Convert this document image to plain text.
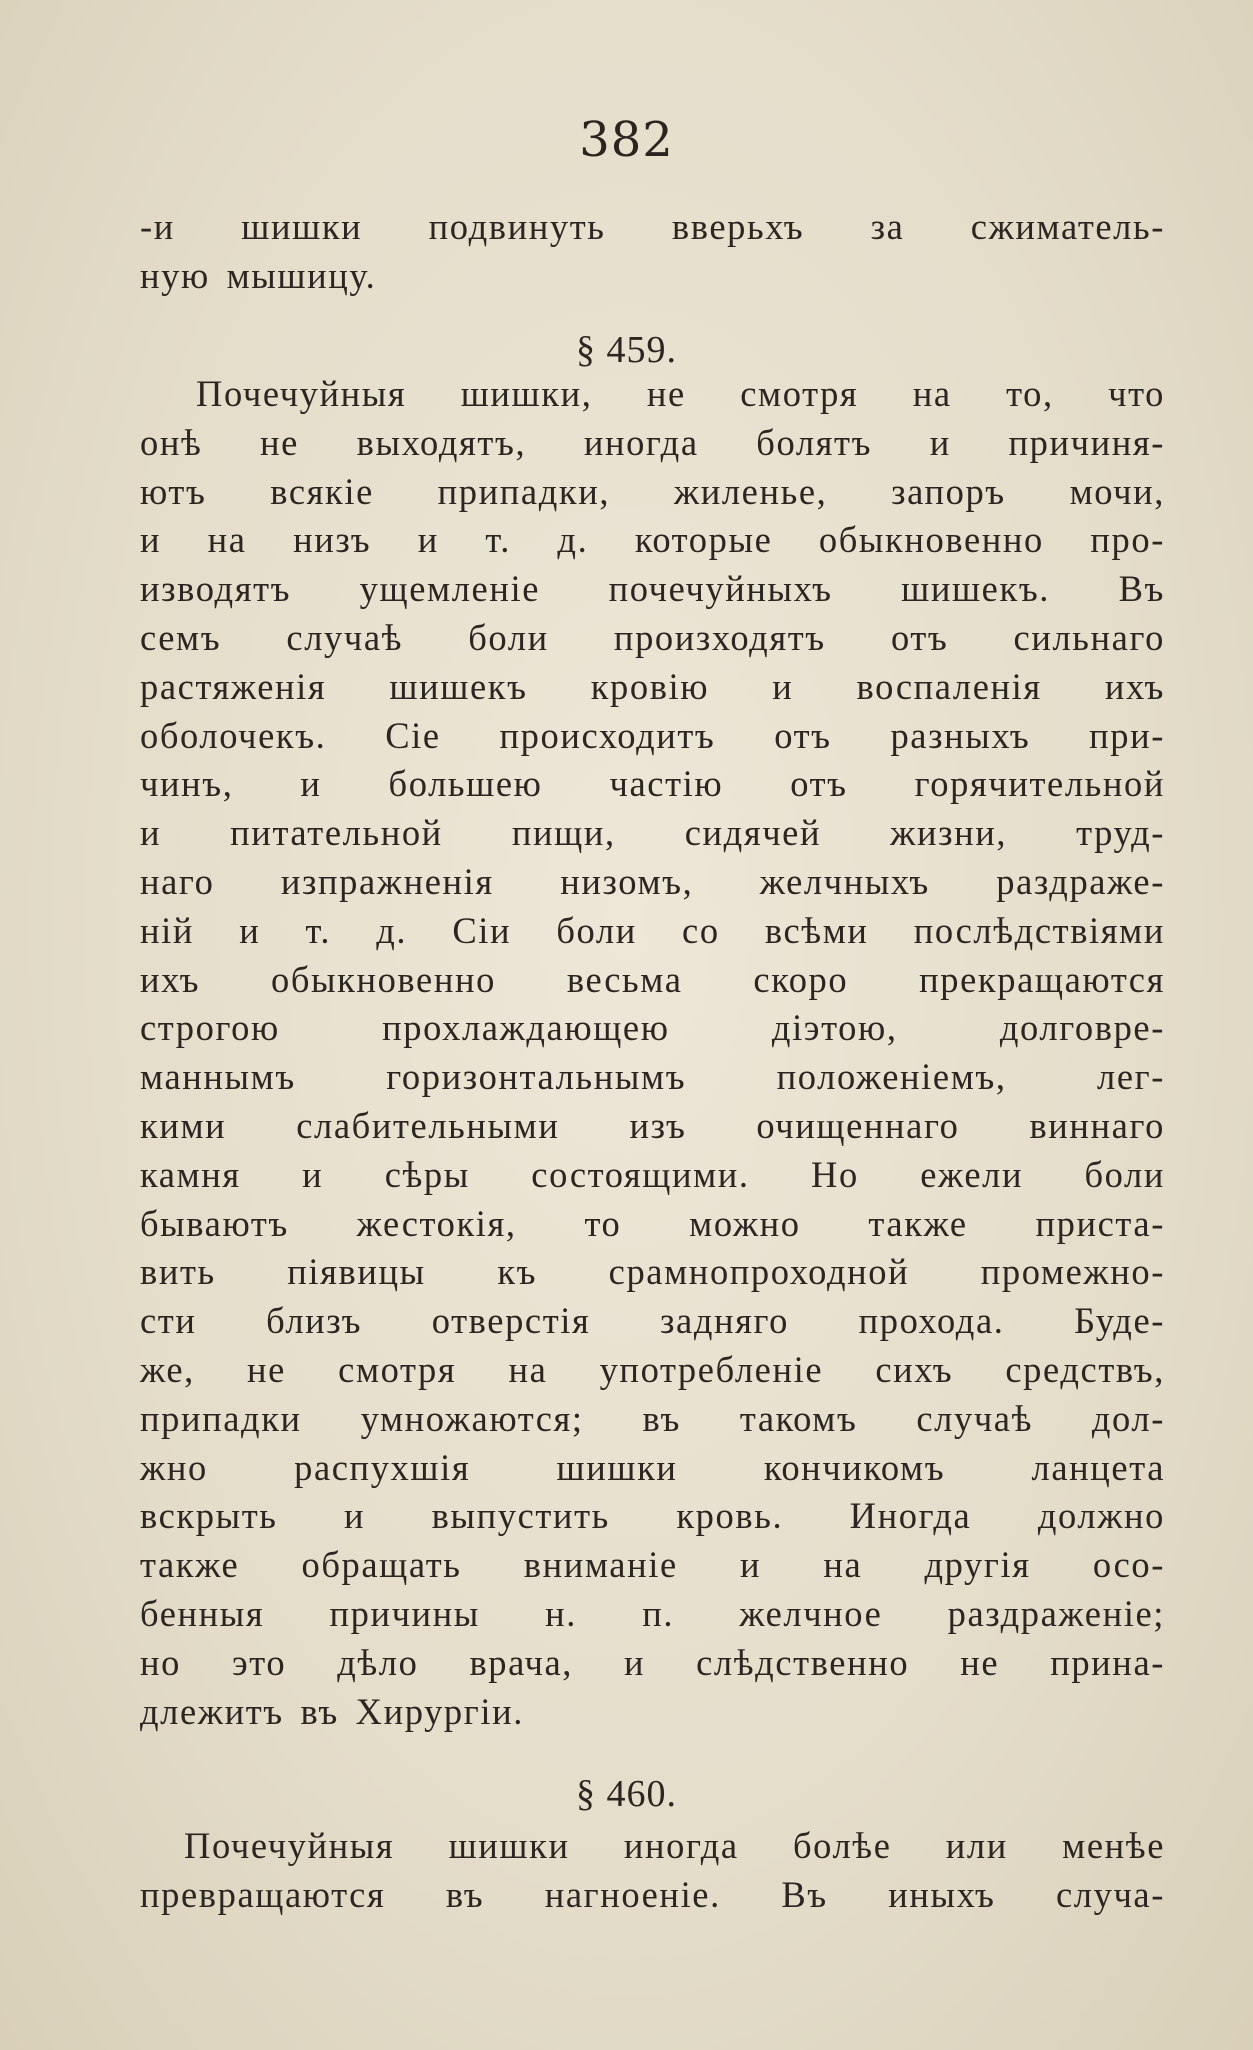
382
-и шишки подвинуть вверьхъ за сжиматель-
ную мышицу.
§ 459.
Почечуйныя шишки, не смотря на то, что
онѣ не выходятъ, иногда болятъ и причиня-
ютъ всякіе припадки, жиленье, запоръ мочи,
и на низъ и т. д. которые обыкновенно про-
изводятъ ущемленіе почечуйныхъ шишекъ. Въ
семъ случаѣ боли произходятъ отъ сильнаго
растяженія шишекъ кровію и воспаленія ихъ
оболочекъ. Сіе происходитъ отъ разныхъ при-
чинъ, и большею частію отъ горячительной
и питательной пищи, сидячей жизни, труд-
наго изпражненія низомъ, желчныхъ раздраже-
ній и т. д. Сіи боли со всѣми послѣдствіями
ихъ обыкновенно весьма скоро прекращаются
строгою прохлаждающею діэтою, долговре-
маннымъ горизонтальнымъ положеніемъ, лег-
кими слабительными изъ очищеннаго виннаго
камня и сѣры состоящими. Но ежели боли
бываютъ жестокія, то можно также приста-
вить піявицы къ срамнопроходной промежно-
сти близъ отверстія задняго прохода. Буде-
же, не смотря на употребленіе сихъ средствъ,
припадки умножаются; въ такомъ случаѣ дол-
жно распухшія шишки кончикомъ ланцета
вскрыть и выпустить кровь. Иногда должно
также обращать вниманіе и на другія осо-
бенныя причины н. п. желчное раздраженіе;
но это дѣло врача, и слѣдственно не прина-
длежитъ въ Хирургіи.
§ 460.
Почечуйныя шишки иногда болѣе или менѣе
превращаются въ нагноеніе. Въ иныхъ случа-
